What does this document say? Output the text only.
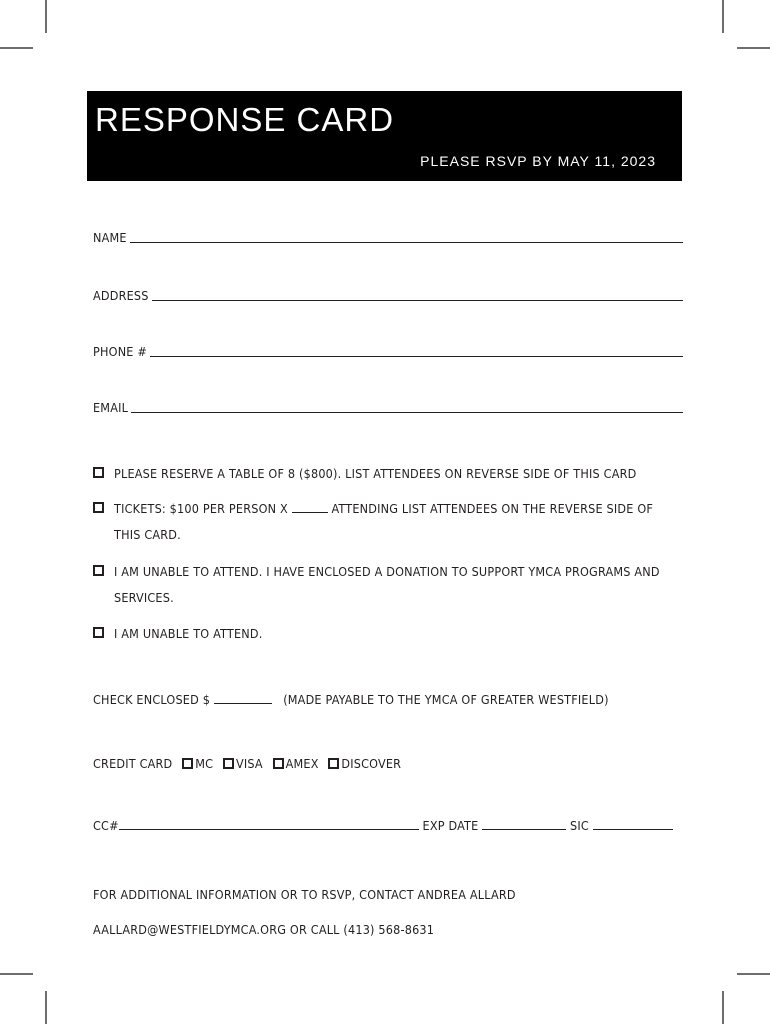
RESPONSE CARD
PLEASE RSVP BY MAY 11, 2023
NAME
ADDRESS
PHONE #
EMAIL
PLEASE RESERVE A TABLE OF 8 ($800). LIST ATTENDEES ON REVERSE SIDE OF THIS CARD
TICKETS: $100 PER PERSON X	ATTENDING LIST ATTENDEES ON THE REVERSE SIDE OF THIS CARD.
I AM UNABLE TO ATTEND. I HAVE ENCLOSED A DONATION TO SUPPORT YMCA PROGRAMS AND SERVICES.
I AM UNABLE TO ATTEND.
CHECK ENCLOSED $	(MADE PAYABLE TO THE YMCA OF GREATER WESTFIELD)
CREDIT CARD MC VISA AMEX DISCOVER
CC#	EXP DATE	SIC
FOR ADDITIONAL INFORMATION OR TO RSVP, CONTACT ANDREA ALLARD
AALLARD@WESTFIELDYMCA.ORG OR CALL (413) 568-8631
